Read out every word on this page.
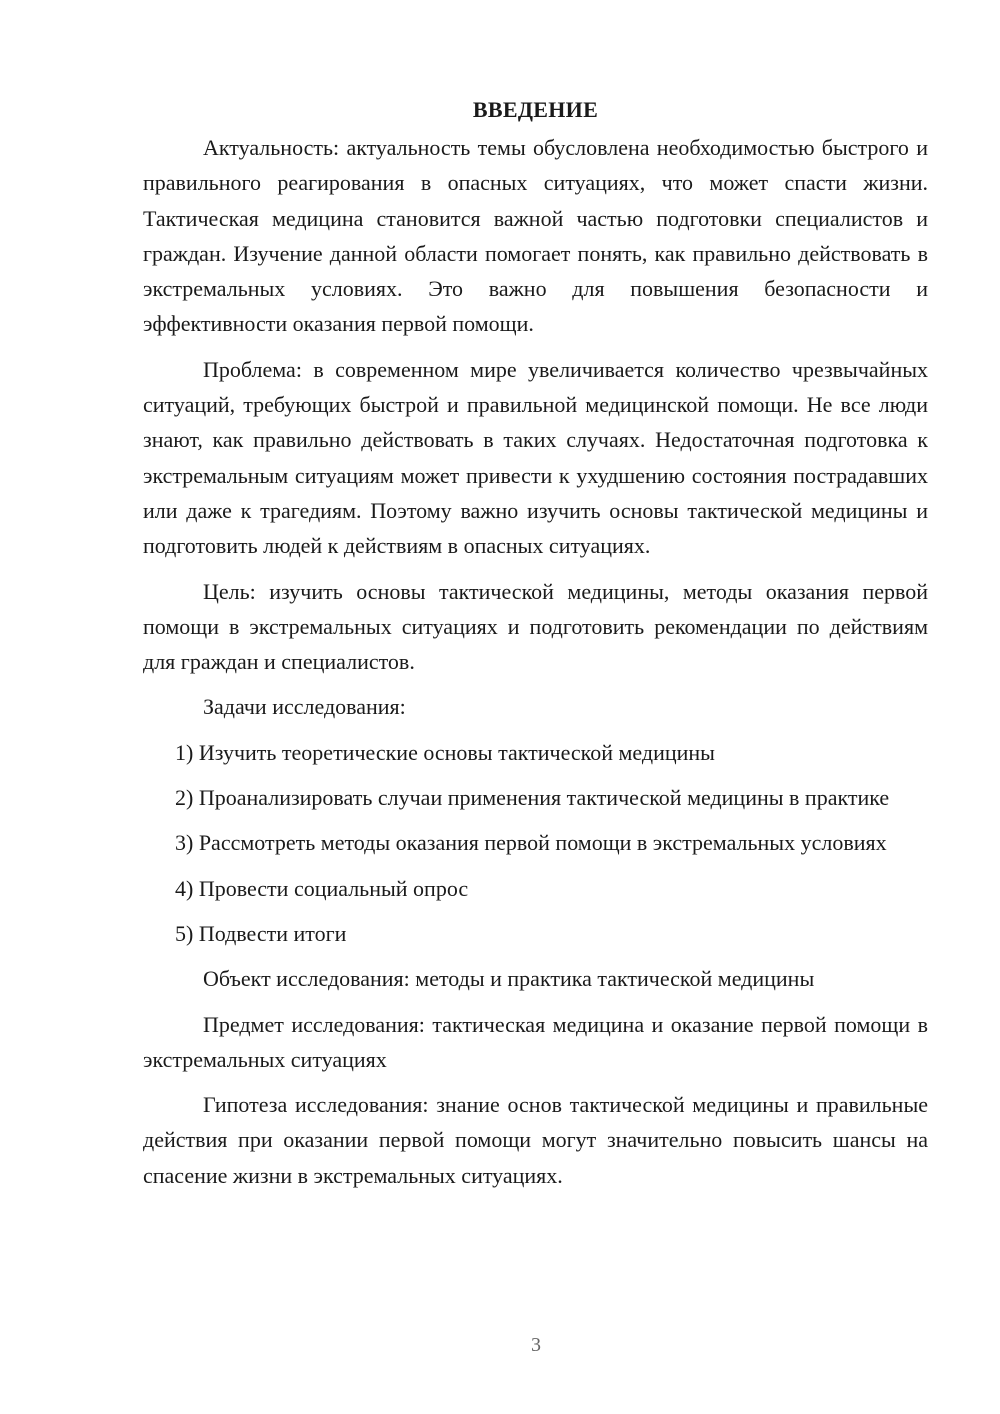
ВВЕДЕНИЕ

Актуальность: актуальность темы обусловлена необходимостью быстрого и правильного реагирования в опасных ситуациях, что может спасти жизни. Тактическая медицина становится важной частью подготовки специалистов и граждан. Изучение данной области помогает понять, как правильно действовать в экстремальных условиях. Это важно для повышения безопасности и эффективности оказания первой помощи.

Проблема: в современном мире увеличивается количество чрезвычайных ситуаций, требующих быстрой и правильной медицинской помощи. Не все люди знают, как правильно действовать в таких случаях. Недостаточная подготовка к экстремальным ситуациям может привести к ухудшению состояния пострадавших или даже к трагедиям. Поэтому важно изучить основы тактической медицины и подготовить людей к действиям в опасных ситуациях.

Цель: изучить основы тактической медицины, методы оказания первой помощи в экстремальных ситуациях и подготовить рекомендации по действиям для граждан и специалистов.

Задачи исследования:

1) Изучить теоретические основы тактической медицины

2) Проанализировать случаи применения тактической медицины в практике

3) Рассмотреть методы оказания первой помощи в экстремальных условиях

4) Провести социальный опрос

5) Подвести итоги

Объект исследования: методы и практика тактической медицины

Предмет исследования: тактическая медицина и оказание первой помощи в экстремальных ситуациях

Гипотеза исследования: знание основ тактической медицины и правильные действия при оказании первой помощи могут значительно повысить шансы на спасение жизни в экстремальных ситуациях.

3
